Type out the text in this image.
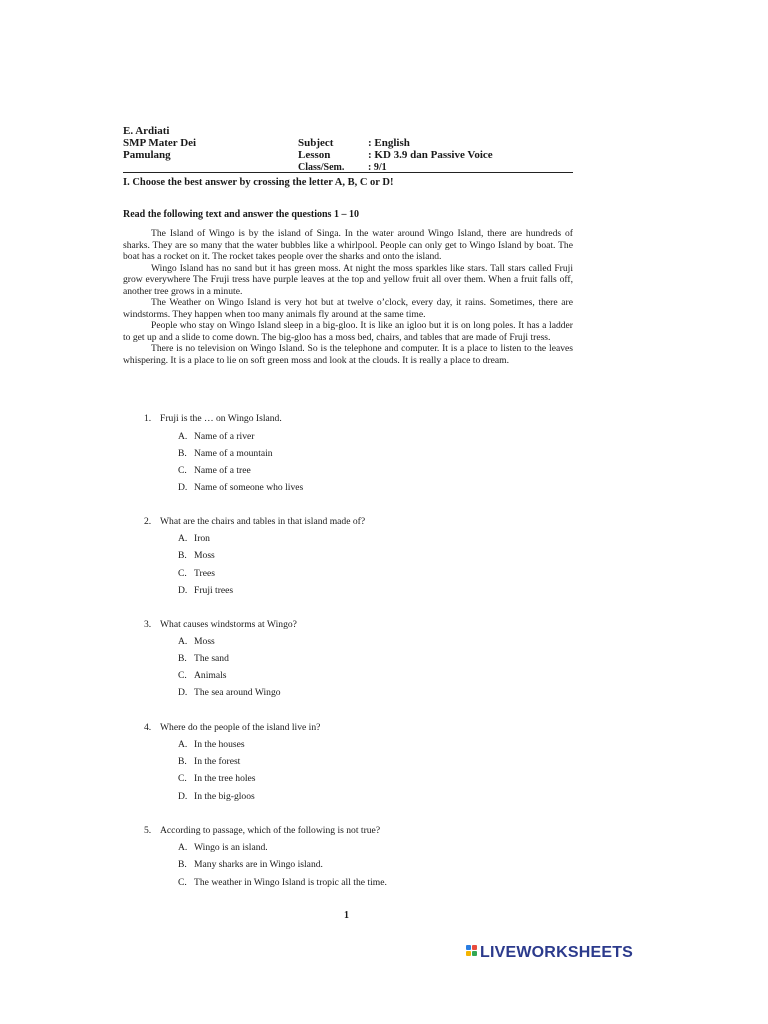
E. Ardiati
SMP Mater Dei
Pamulang
Subject	: English
Lesson	: KD 3.9 dan Passive Voice
Class/Sem. : 9/1
I. Choose the best answer by crossing the letter A, B, C or D!
Read the following text and answer the questions 1 – 10
The Island of Wingo is by the island of Singa. In the water around Wingo Island, there are hundreds of sharks. They are so many that the water bubbles like a whirlpool. People can only get to Wingo Island by boat. The boat has a rocket on it. The rocket takes people over the sharks and onto the island.
Wingo Island has no sand but it has green moss. At night the moss sparkles like stars. Tall stars called Fruji grow everywhere The Fruji tress have purple leaves at the top and yellow fruit all over them. When a fruit falls off, another tree grows in a minute.
The Weather on Wingo Island is very hot but at twelve o’clock, every day, it rains. Sometimes, there are windstorms. They happen when too many animals fly around at the same time.
People who stay on Wingo Island sleep in a big-gloo. It is like an igloo but it is on long poles. It has a ladder to get up and a slide to come down. The big-gloo has a moss bed, chairs, and tables that are made of Fruji tress.
There is no television on Wingo Island. So is the telephone and computer. It is a place to listen to the leaves whispering. It is a place to lie on soft green moss and look at the clouds. It is really a place to dream.
1. Fruji is the … on Wingo Island.
A. Name of a river
B. Name of a mountain
C. Name of a tree
D. Name of someone who lives
2. What are the chairs and tables in that island made of?
A. Iron
B. Moss
C. Trees
D. Fruji trees
3. What causes windstorms at Wingo?
A. Moss
B. The sand
C. Animals
D. The sea around Wingo
4. Where do the people of the island live in?
A. In the houses
B. In the forest
C. In the tree holes
D. In the big-gloos
5. According to passage, which of the following is not true?
A. Wingo is an island.
B. Many sharks are in Wingo island.
C. The weather in Wingo Island is tropic all the time.
1
LIVEWORKSHEETS
